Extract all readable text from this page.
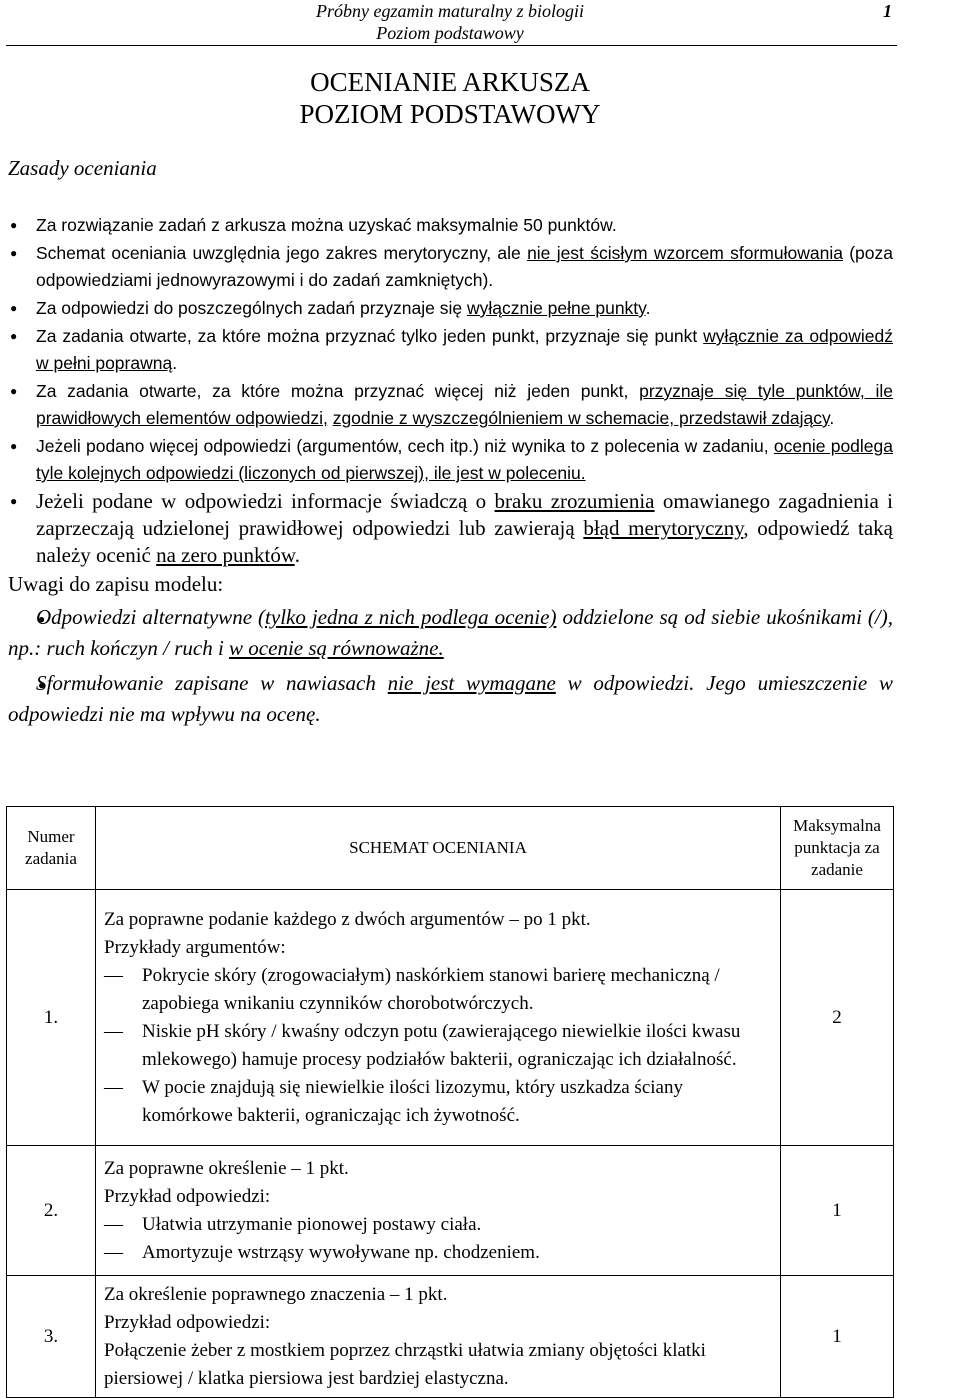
Próbny egzamin maturalny z biologii
Poziom podstawowy
1
OCENIANIE ARKUSZA
POZIOM PODSTAWOWY
Zasady oceniania
● Za rozwiązanie zadań z arkusza można uzyskać maksymalnie 50 punktów.
● Schemat oceniania uwzględnia jego zakres merytoryczny, ale nie jest ścisłym wzorcem sformułowania (poza odpowiedziami jednowyrazowymi i do zadań zamkniętych).
● Za odpowiedzi do poszczególnych zadań przyznaje się wyłącznie pełne punkty.
● Za zadania otwarte, za które można przyznać tylko jeden punkt, przyznaje się punkt wyłącznie za odpowiedź w pełni poprawną.
● Za zadania otwarte, za które można przyznać więcej niż jeden punkt, przyznaje się tyle punktów, ile prawidłowych elementów odpowiedzi, zgodnie z wyszczególnieniem w schemacie, przedstawił zdający.
● Jeżeli podano więcej odpowiedzi (argumentów, cech itp.) niż wynika to z polecenia w zadaniu, ocenie podlega tyle kolejnych odpowiedzi (liczonych od pierwszej), ile jest w poleceniu.
● Jeżeli podane w odpowiedzi informacje świadczą o braku zrozumienia omawianego zagadnienia i zaprzeczają udzielonej prawidłowej odpowiedzi lub zawierają błąd merytoryczny, odpowiedź taką należy ocenić na zero punktów.
Uwagi do zapisu modelu:
● Odpowiedzi alternatywne (tylko jedna z nich podlega ocenie) oddzielone są od siebie ukośnikami (/), np.: ruch kończyn / ruch i w ocenie są równoważne.
● Sformułowanie zapisane w nawiasach nie jest wymagane w odpowiedzi. Jego umieszczenie w odpowiedzi nie ma wpływu na ocenę.
Numer zadania	SCHEMAT OCENIANIA	Maksymalna punktacja za zadanie
1.	Za poprawne podanie każdego z dwóch argumentów – po 1 pkt.
Przykłady argumentów:
— Pokrycie skóry (zrogowaciałym) naskórkiem stanowi barierę mechaniczną / zapobiega wnikaniu czynników chorobotwórczych.
— Niskie pH skóry / kwaśny odczyn potu (zawierającego niewielkie ilości kwasu mlekowego) hamuje procesy podziałów bakterii, ograniczając ich działalność.
— W pocie znajdują się niewielkie ilości lizozymu, który uszkadza ściany komórkowe bakterii, ograniczając ich żywotność.	2
2.	Za poprawne określenie – 1 pkt.
Przykład odpowiedzi:
— Ułatwia utrzymanie pionowej postawy ciała.
— Amortyzuje wstrząsy wywoływane np. chodzeniem.	1
3.	Za określenie poprawnego znaczenia – 1 pkt.
Przykład odpowiedzi:
Połączenie żeber z mostkiem poprzez chrząstki ułatwia zmiany objętości klatki piersiowej / klatka piersiowa jest bardziej elastyczna.	1
